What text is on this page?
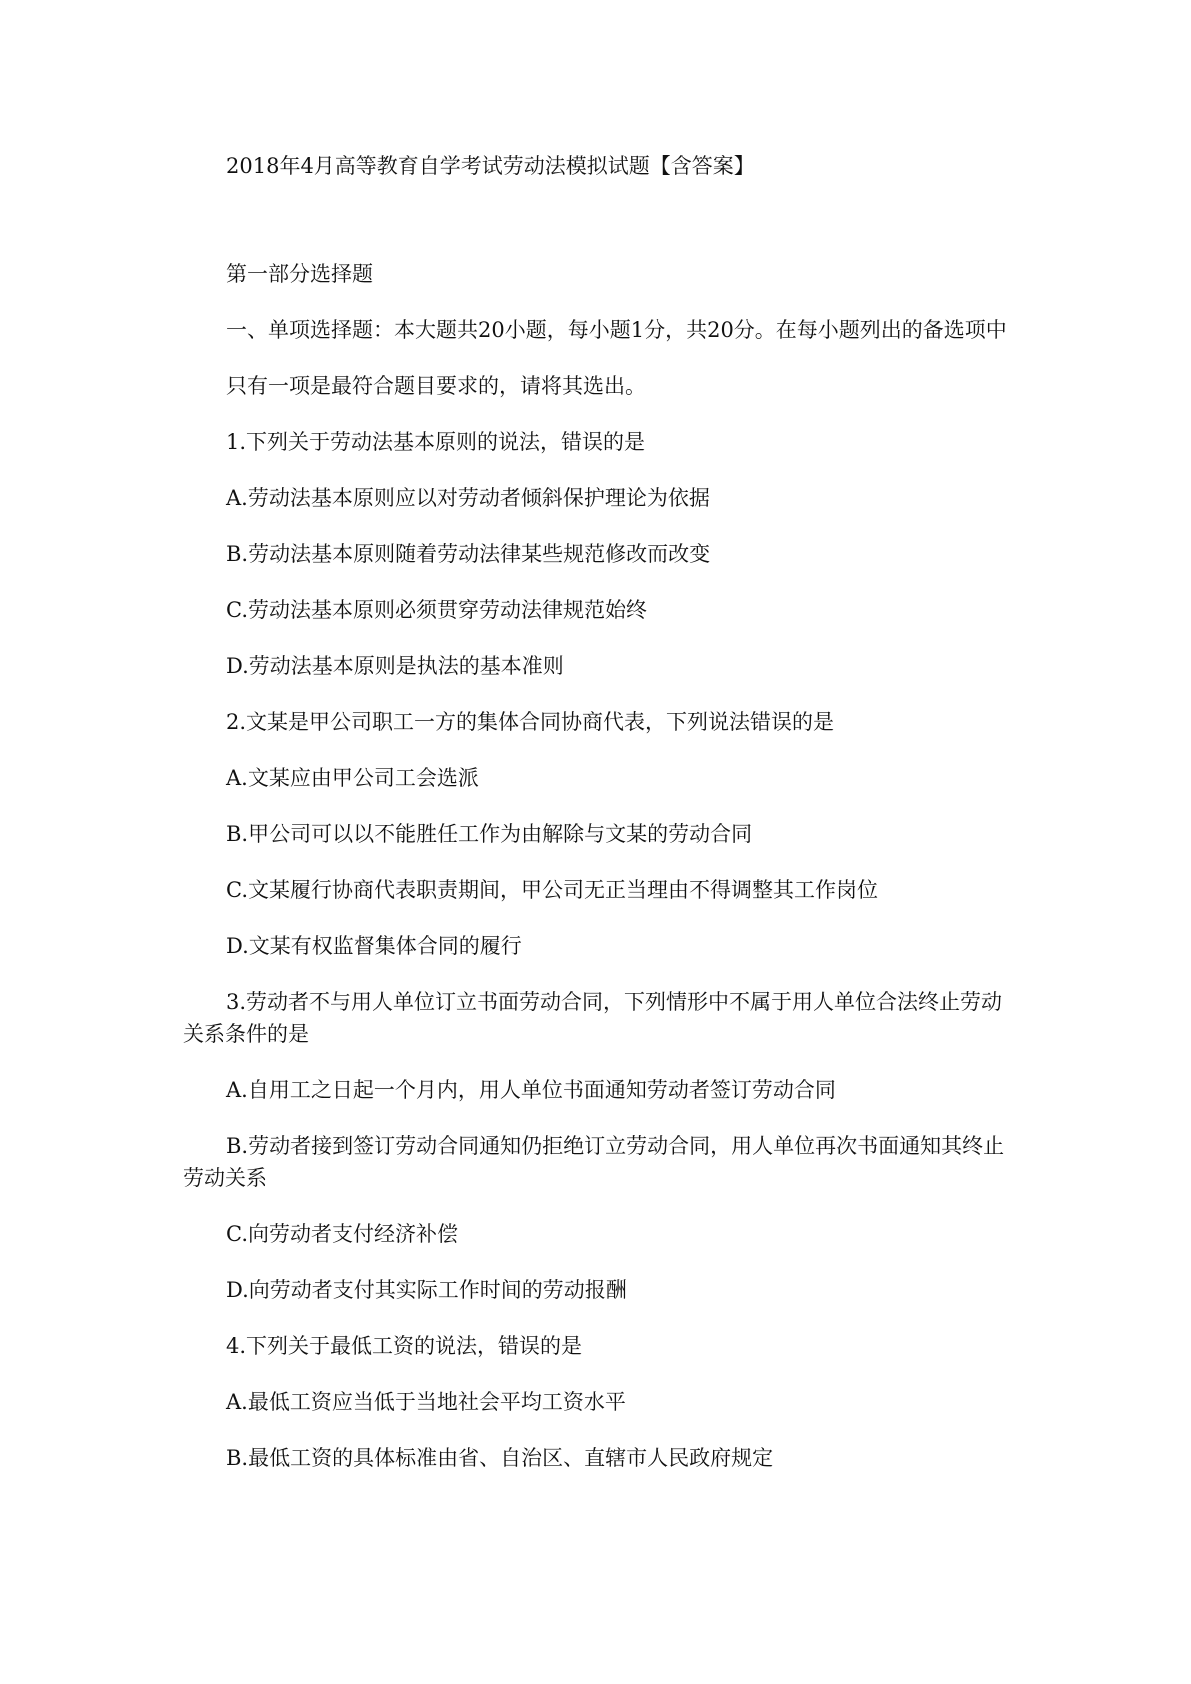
2018年4月高等教育自学考试劳动法模拟试题【含答案】

第一部分选择题

一、单项选择题：本大题共20小题，每小题1分，共20分。在每小题列出的备选项中

只有一项是最符合题目要求的，请将其选出。

1.下列关于劳动法基本原则的说法，错误的是

A.劳动法基本原则应以对劳动者倾斜保护理论为依据

B.劳动法基本原则随着劳动法律某些规范修改而改变

C.劳动法基本原则必须贯穿劳动法律规范始终

D.劳动法基本原则是执法的基本准则

2.文某是甲公司职工一方的集体合同协商代表，下列说法错误的是

A.文某应由甲公司工会选派

B.甲公司可以以不能胜任工作为由解除与文某的劳动合同

C.文某履行协商代表职责期间，甲公司无正当理由不得调整其工作岗位

D.文某有权监督集体合同的履行

3.劳动者不与用人单位订立书面劳动合同，下列情形中不属于用人单位合法终止劳动关系条件的是

A.自用工之日起一个月内，用人单位书面通知劳动者签订劳动合同

B.劳动者接到签订劳动合同通知仍拒绝订立劳动合同，用人单位再次书面通知其终止劳动关系

C.向劳动者支付经济补偿

D.向劳动者支付其实际工作时间的劳动报酬

4.下列关于最低工资的说法，错误的是

A.最低工资应当低于当地社会平均工资水平

B.最低工资的具体标准由省、自治区、直辖市人民政府规定
